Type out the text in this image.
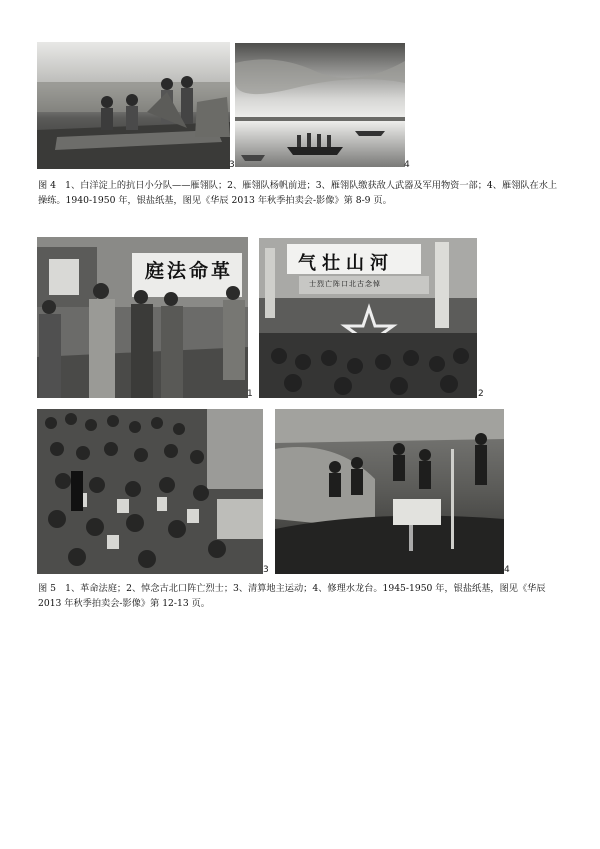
3	4
图 4　1、白洋淀上的抗日小分队——雁翎队；2、雁翎队杨帆前进；3、雁翎队缴获敌人武器及军用物资一部；4、雁翎队在水上操练。1940-1950 年，银盐纸基，图见《华辰 2013 年秋季拍卖会-影像》第 8-9 页。
革命法庭
1
河山壮气
悼念古北口阵亡烈士
2
3	4
图 5　1、革命法庭；2、悼念古北口阵亡烈士；3、清算地主运动；4、修理水龙台。1945-1950 年，银盐纸基，图见《华辰 2013 年秋季拍卖会-影像》第 12-13 页。
